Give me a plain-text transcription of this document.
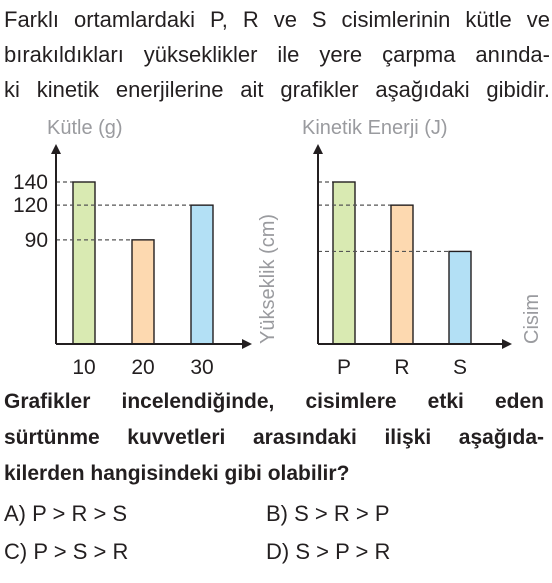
Farklı ortamlardaki P, R ve S cisimlerinin kütle ve
bırakıldıkları yükseklikler ile yere çarpma anında-
ki kinetik enerjilerine ait grafikler aşağıdaki gibidir.

Kütle (g)
Yükseklik (cm)
10 20 30
140
120
90
Kinetik Enerji (J)
Cisim
P R S

Grafikler incelendiğinde, cisimlere etki eden
sürtünme kuvvetleri arasındaki ilişki aşağıda-
kilerden hangisindeki gibi olabilir?

A) P > R > S	B) S > R > P
C) P > S > R	D) S > P > R
